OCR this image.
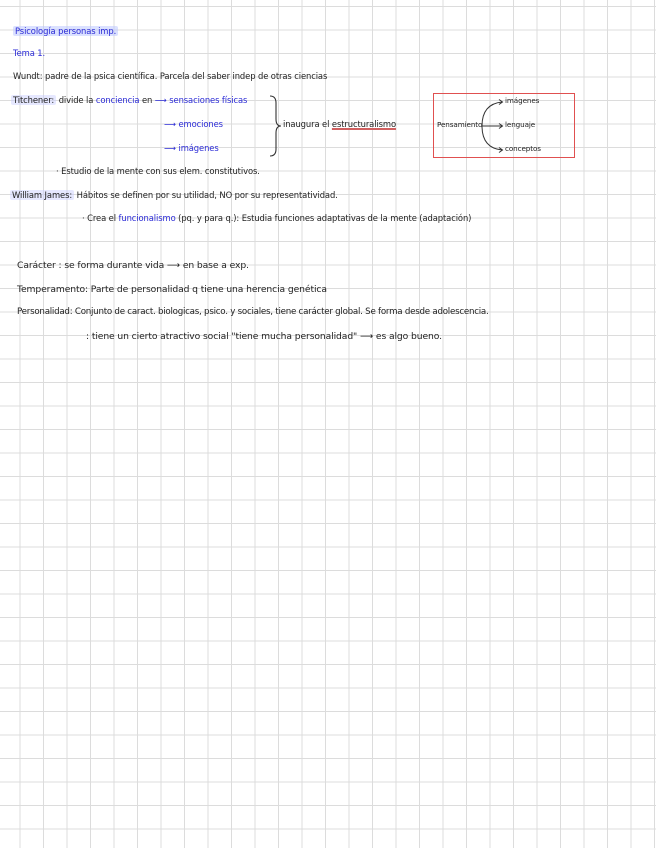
Psicología personas imp.
Tema 1.
Wundt: padre de la psica científica. Parcela del saber indep de otras ciencias
Titchener: divide la conciencia en ⟶ sensaciones físicas
⟶ emociones
⟶ imágenes
inaugura el estructuralismo	Pensamiento
imágenes
lenguaje
conceptos
· Estudio de la mente con sus elem. constitutivos.
William James: Hábitos se definen por su utilidad, NO por su representatividad.
· Crea el funcionalismo (pq. y para q.): Estudia funciones adaptativas de la mente (adaptación)
Carácter : se forma durante vida ⟶ en base a exp.
Temperamento: Parte de personalidad q tiene una herencia genética
Personalidad: Conjunto de caract. biologicas, psico. y sociales, tiene carácter global. Se forma desde adolescencia.
: tiene un cierto atractivo social "tiene mucha personalidad" ⟶ es algo bueno.
